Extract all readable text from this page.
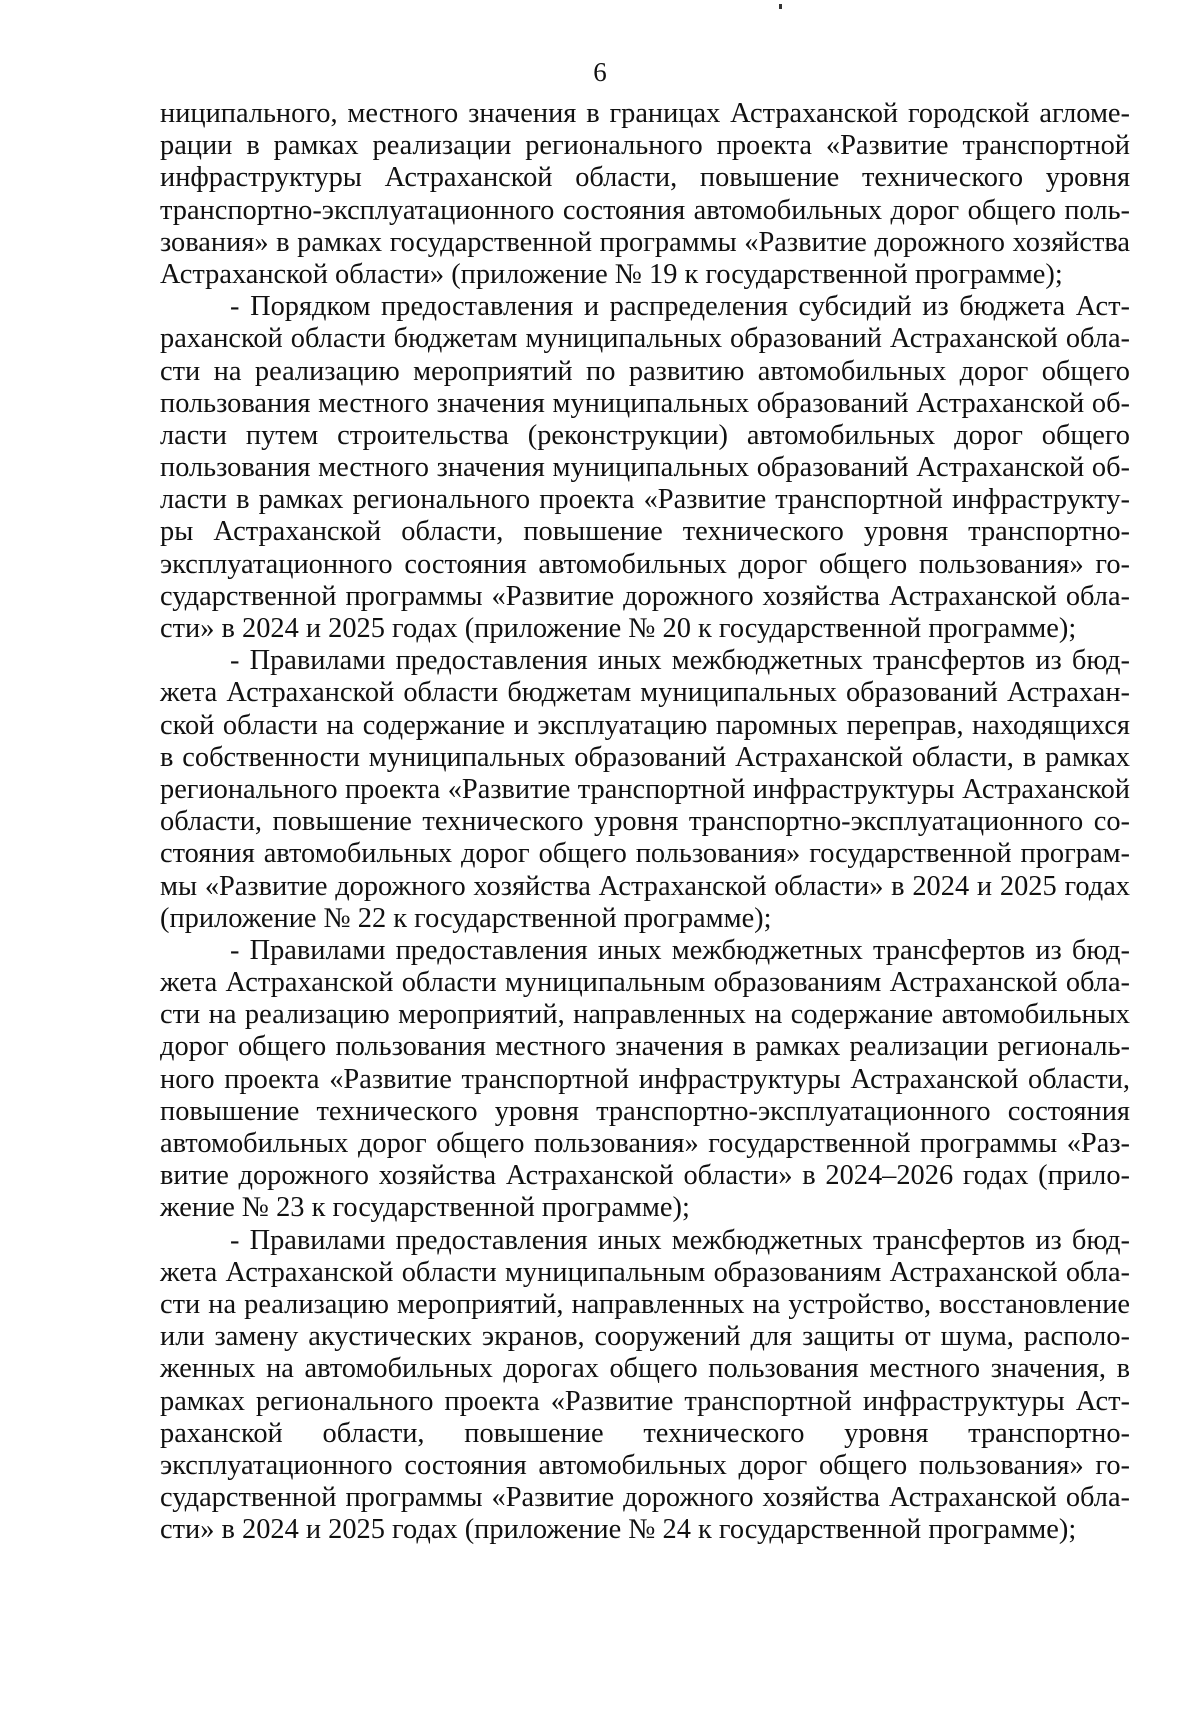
6
ниципального, местного значения в границах Астраханской городской агломе-
рации в рамках реализации регионального проекта «Развитие транспортной
инфраструктуры Астраханской области, повышение технического уровня
транспортно-эксплуатационного состояния автомобильных дорог общего поль-
зования» в рамках государственной программы «Развитие дорожного хозяйства
Астраханской области» (приложение № 19 к государственной программе);
- Порядком предоставления и распределения субсидий из бюджета Аст-
раханской области бюджетам муниципальных образований Астраханской обла-
сти на реализацию мероприятий по развитию автомобильных дорог общего
пользования местного значения муниципальных образований Астраханской об-
ласти путем строительства (реконструкции) автомобильных дорог общего
пользования местного значения муниципальных образований Астраханской об-
ласти в рамках регионального проекта «Развитие транспортной инфраструкту-
ры Астраханской области, повышение технического уровня транспортно-
эксплуатационного состояния автомобильных дорог общего пользования» го-
сударственной программы «Развитие дорожного хозяйства Астраханской обла-
сти» в 2024 и 2025 годах (приложение № 20 к государственной программе);
- Правилами предоставления иных межбюджетных трансфертов из бюд-
жета Астраханской области бюджетам муниципальных образований Астрахан-
ской области на содержание и эксплуатацию паромных переправ, находящихся
в собственности муниципальных образований Астраханской области, в рамках
регионального проекта «Развитие транспортной инфраструктуры Астраханской
области, повышение технического уровня транспортно-эксплуатационного со-
стояния автомобильных дорог общего пользования» государственной програм-
мы «Развитие дорожного хозяйства Астраханской области» в 2024 и 2025 годах
(приложение № 22 к государственной программе);
- Правилами предоставления иных межбюджетных трансфертов из бюд-
жета Астраханской области муниципальным образованиям Астраханской обла-
сти на реализацию мероприятий, направленных на содержание автомобильных
дорог общего пользования местного значения в рамках реализации региональ-
ного проекта «Развитие транспортной инфраструктуры Астраханской области,
повышение технического уровня транспортно-эксплуатационного состояния
автомобильных дорог общего пользования» государственной программы «Раз-
витие дорожного хозяйства Астраханской области» в 2024–2026 годах (прило-
жение № 23 к государственной программе);
- Правилами предоставления иных межбюджетных трансфертов из бюд-
жета Астраханской области муниципальным образованиям Астраханской обла-
сти на реализацию мероприятий, направленных на устройство, восстановление
или замену акустических экранов, сооружений для защиты от шума, располо-
женных на автомобильных дорогах общего пользования местного значения, в
рамках регионального проекта «Развитие транспортной инфраструктуры Аст-
раханской области, повышение технического уровня транспортно-
эксплуатационного состояния автомобильных дорог общего пользования» го-
сударственной программы «Развитие дорожного хозяйства Астраханской обла-
сти» в 2024 и 2025 годах (приложение № 24 к государственной программе);
